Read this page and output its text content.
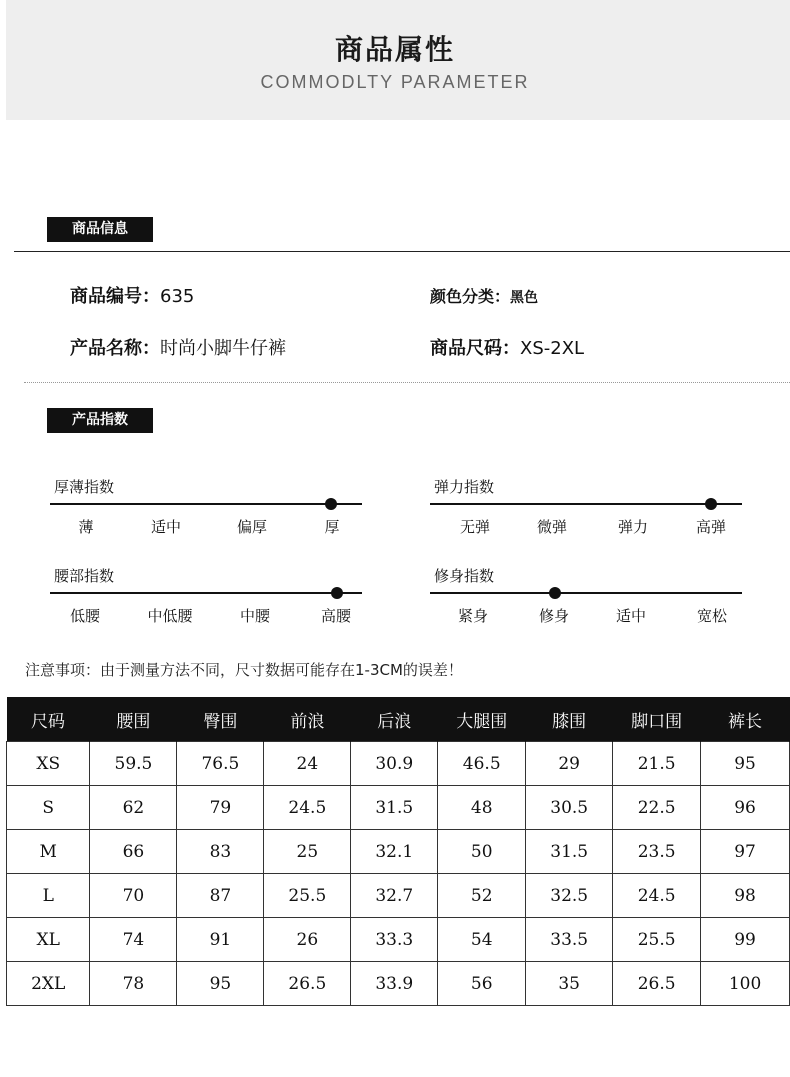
商品属性
COMMODLTY PARAMETER
商品信息
商品编号：635	颜色分类：黑色
产品名称：时尚小脚牛仔裤	商品尺码：XS-2XL
产品指数
厚薄指数
薄	适中	偏厚	厚
弹力指数
无弹	微弹	弹力	高弹
腰部指数
低腰	中低腰	中腰	高腰
修身指数
紧身	修身	适中	宽松
注意事项：由于测量方法不同，尺寸数据可能存在1-3CM的误差！
尺码	腰围	臀围	前浪	后浪	大腿围	膝围	脚口围	裤长
XS	59.5	76.5	24	30.9	46.5	29	21.5	95
S	62	79	24.5	31.5	48	30.5	22.5	96
M	66	83	25	32.1	50	31.5	23.5	97
L	70	87	25.5	32.7	52	32.5	24.5	98
XL	74	91	26	33.3	54	33.5	25.5	99
2XL	78	95	26.5	33.9	56	35	26.5	100
